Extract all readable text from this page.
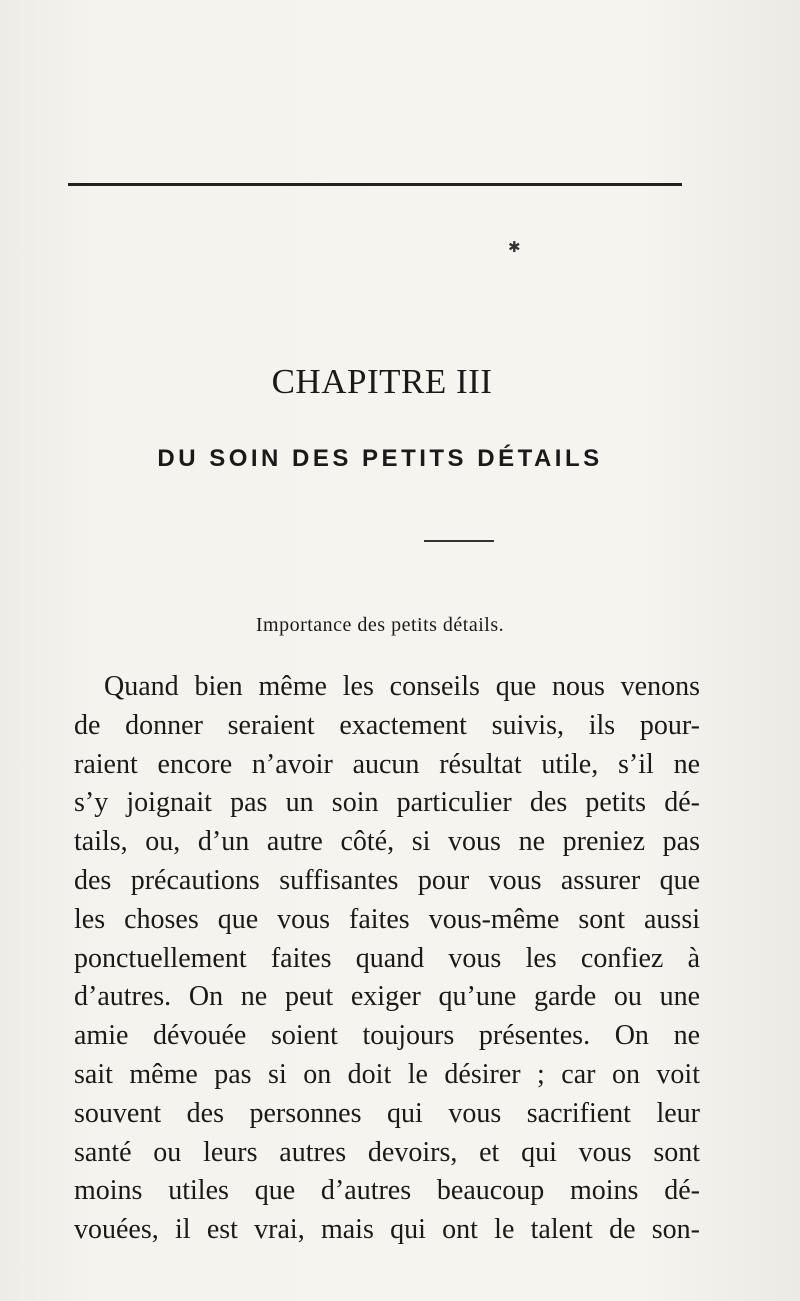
✱
CHAPITRE III
DU SOIN DES PETITS DÉTAILS
Importance des petits détails.
Quand bien même les conseils que nous venons
de donner seraient exactement suivis, ils pour-
raient encore n’avoir aucun résultat utile, s’il ne
s’y joignait pas un soin particulier des petits dé-
tails, ou, d’un autre côté, si vous ne preniez pas
des précautions suffisantes pour vous assurer que
les choses que vous faites vous-même sont aussi
ponctuellement faites quand vous les confiez à
d’autres. On ne peut exiger qu’une garde ou une
amie dévouée soient toujours présentes. On ne
sait même pas si on doit le désirer ; car on voit
souvent des personnes qui vous sacrifient leur
santé ou leurs autres devoirs, et qui vous sont
moins utiles que d’autres beaucoup moins dé-
vouées, il est vrai, mais qui ont le talent de son-
